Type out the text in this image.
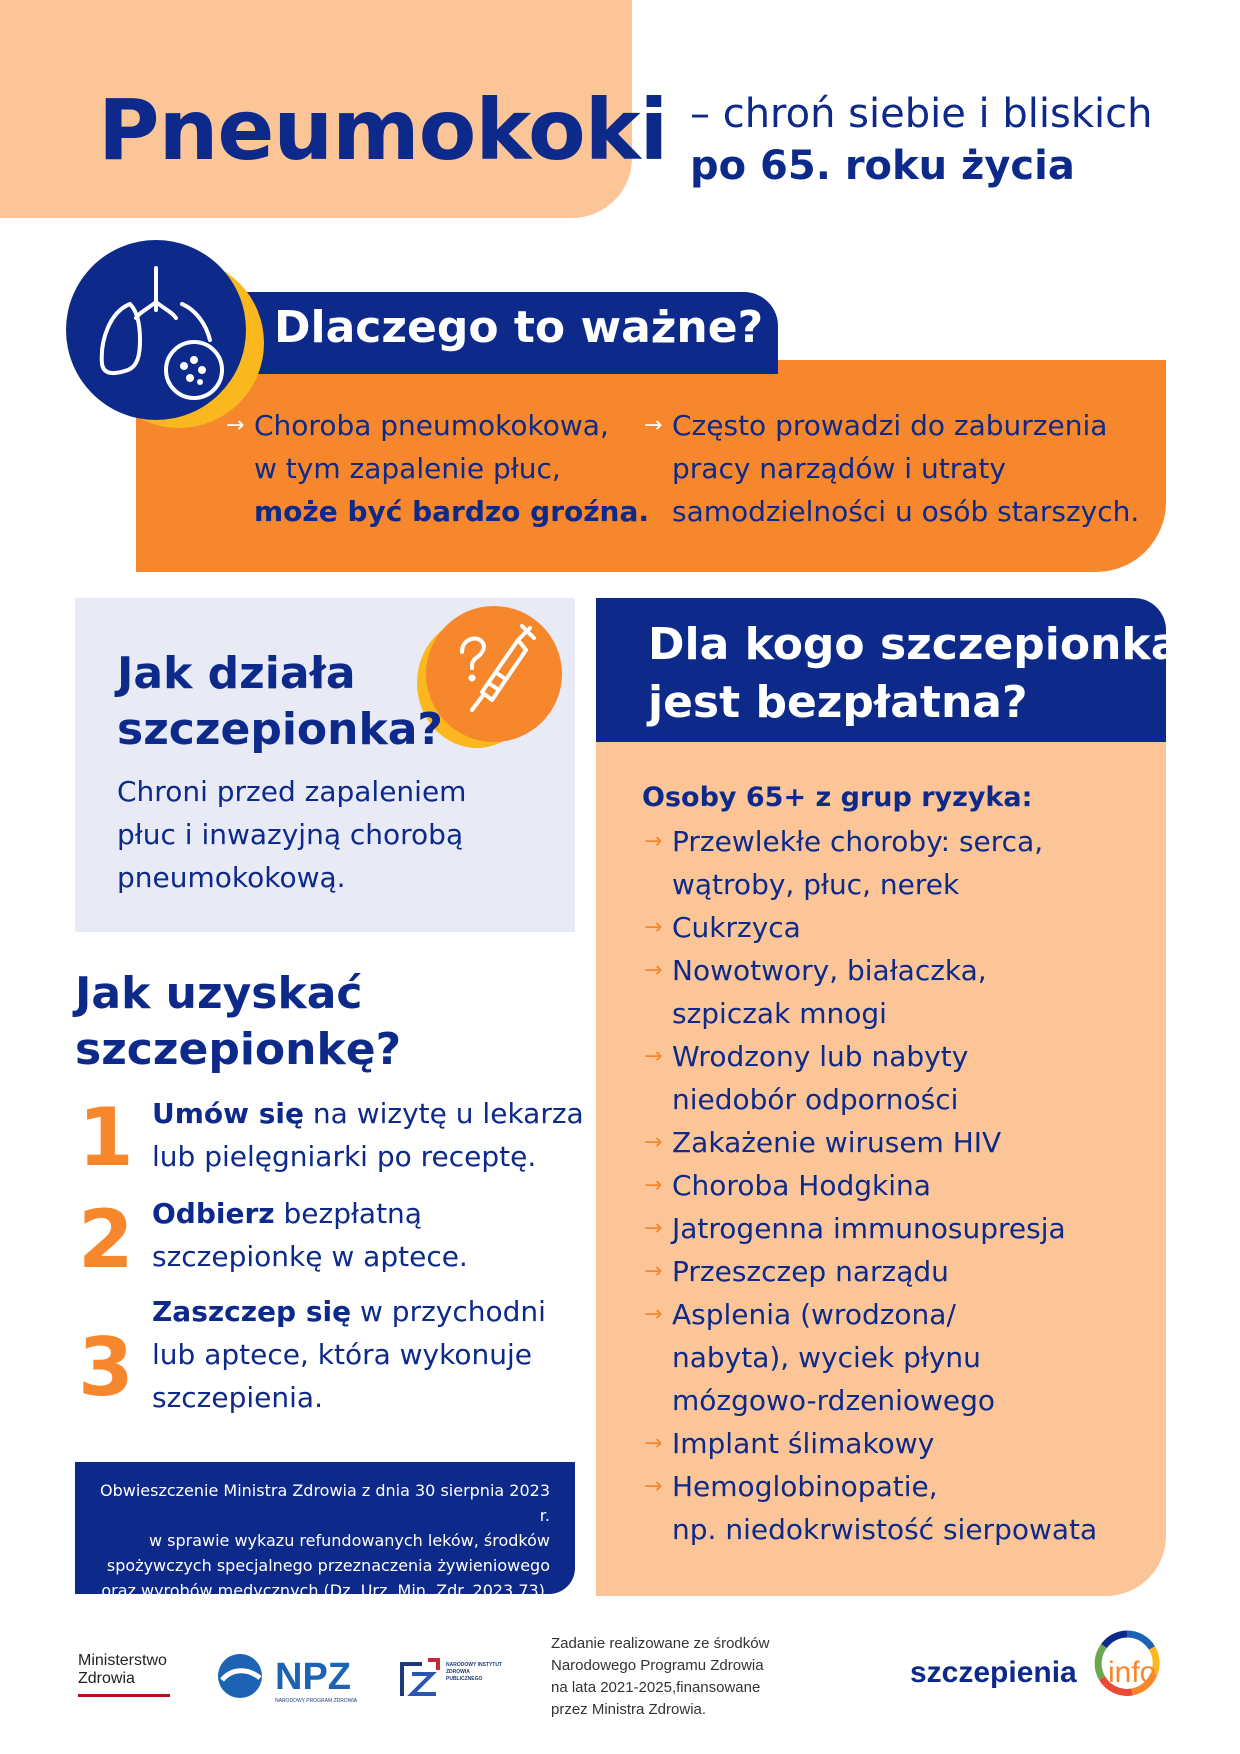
Pneumokoki – chroń siebie i bliskich
po 65. roku życia
Dlaczego to ważne?
→ Choroba pneumokokowa,
w tym zapalenie płuc,
może być bardzo groźna.
→ Często prowadzi do zaburzenia
pracy narządów i utraty
samodzielności u osób starszych.
Jak działa
szczepionka?
Chroni przed zapaleniem
płuc i inwazyjną chorobą
pneumokokową.
Jak uzyskać
szczepionkę?
1 Umów się na wizytę u lekarza
lub pielęgniarki po receptę.
2 Odbierz bezpłatną
szczepionkę w aptece.
3
Zaszczep się w przychodni
lub aptece, która wykonuje
szczepienia.
Obwieszczenie Ministra Zdrowia z dnia 30 sierpnia 2023 r.
w sprawie wykazu refundowanych leków, środków
spożywczych specjalnego przeznaczenia żywieniowego
oraz wyrobów medycznych (Dz. Urz. Min. Zdr. 2023.73).
Dla kogo szczepionka
jest bezpłatna?
Osoby 65+ z grup ryzyka:
→ Przewlekłe choroby: serca,
wątroby, płuc, nerek
→ Cukrzyca
→ Nowotwory, białaczka,
szpiczak mnogi
→ Wrodzony lub nabyty
niedobór odporności
→ Zakażenie wirusem HIV
→ Choroba Hodgkina
→ Jatrogenna immunosupresja
→ Przeszczep narządu
→ Asplenia (wrodzona/
nabyta), wyciek płynu
mózgowo-rdzeniowego
→ Implant ślimakowy
→ Hemoglobinopatie,
np. niedokrwistość sierpowata
Ministerstwo
Zdrowia	NPZ
NARODOWY PROGRAM ZDROWIA
NARODOWY INSTYTUT ZDROWIA PUBLICZNEGO
Zadanie realizowane ze środków
Narodowego Programu Zdrowia
na lata 2021-2025,finansowane
przez Ministra Zdrowia.
szczepienia info
